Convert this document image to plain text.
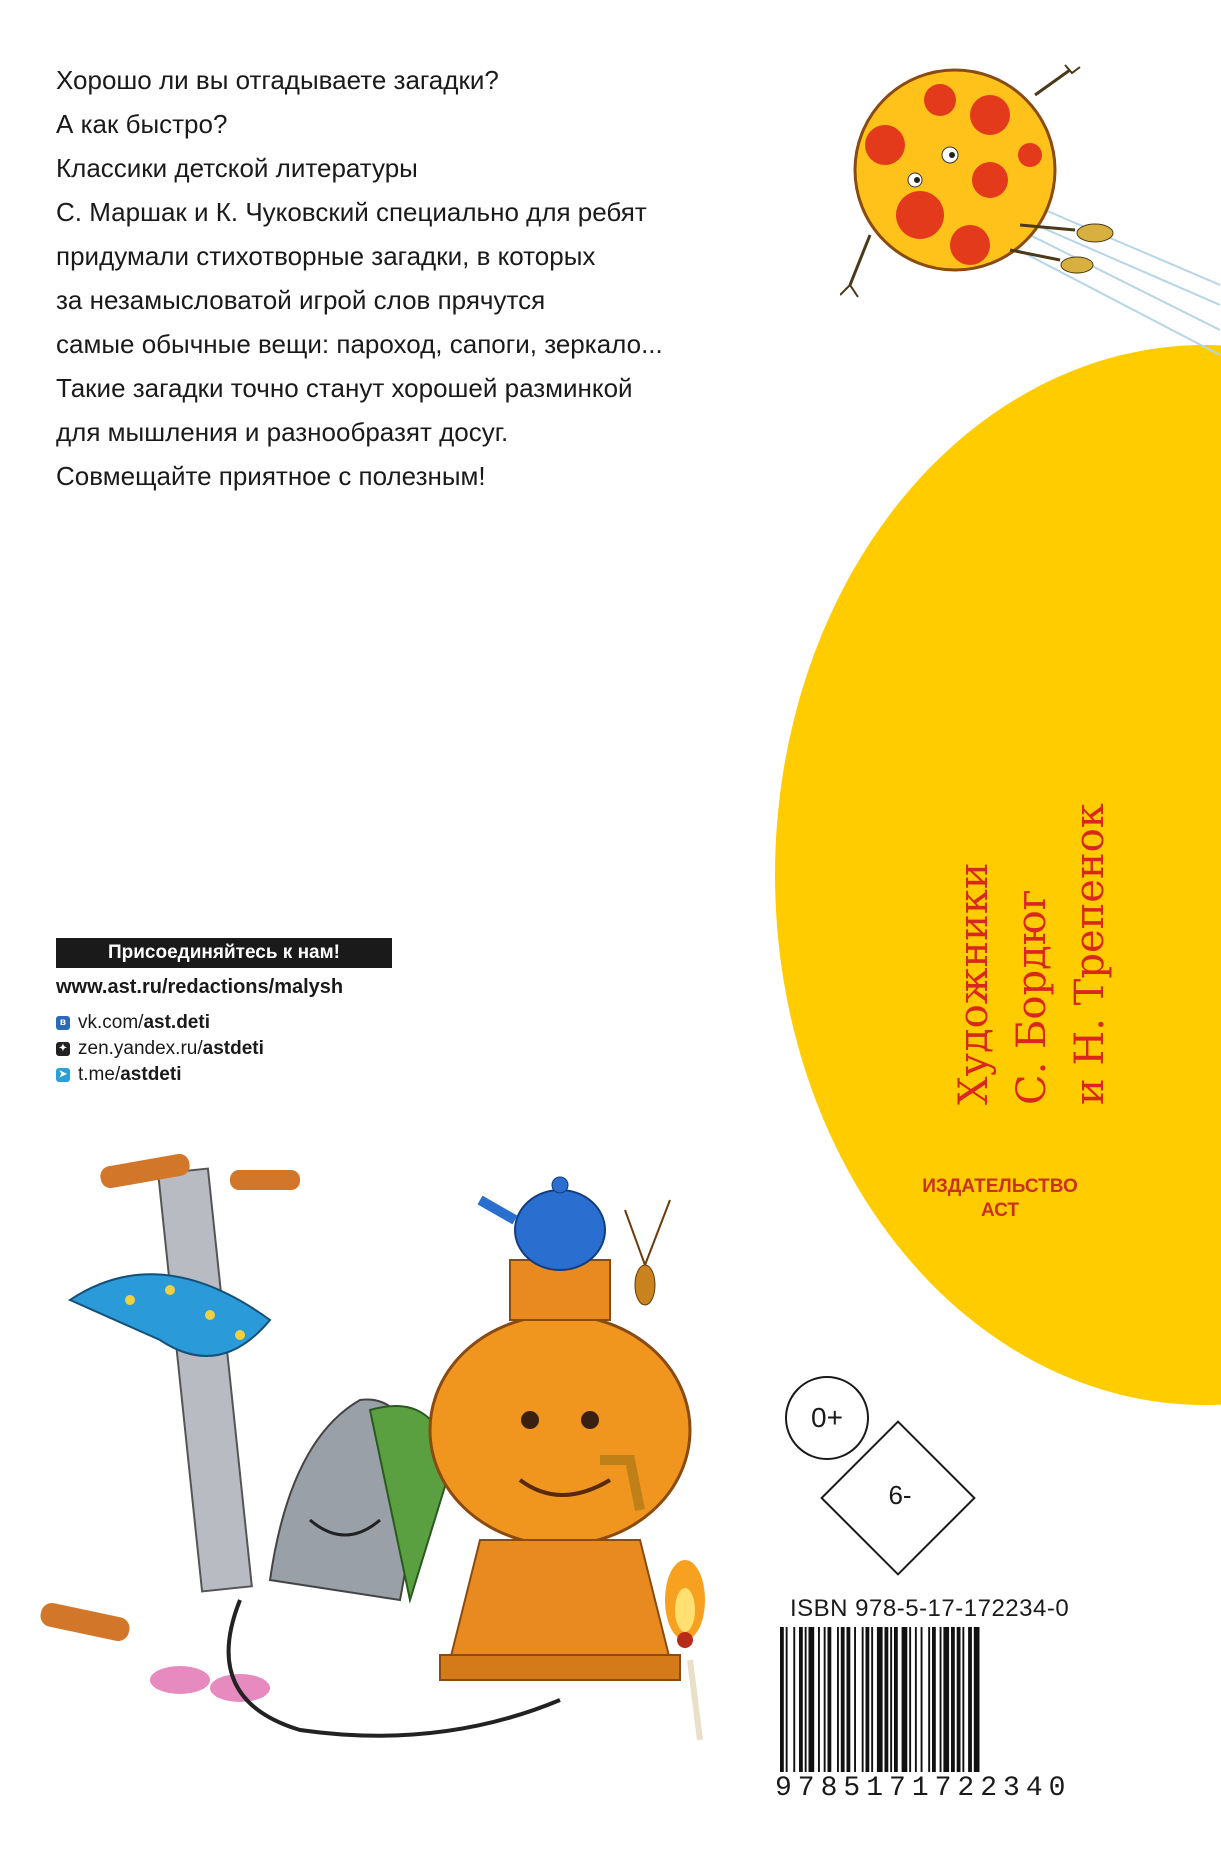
Хорошо ли вы отгадываете загадки?

А как быстро?

Классики детской литературы

С. Маршак и К. Чуковский специально для ребят

придумали стихотворные загадки, в которых

за незамысловатой игрой слов прячутся

самые обычные вещи: пароход, сапоги, зеркало...

Такие загадки точно станут хорошей разминкой

для мышления и разнообразят досуг.

Совмещайте приятное с полезным!

Художники С. Бордюг и Н. Трепенок
ИЗДАТЕЛЬСТВО
АСТ
Присоединяйтесь к нам!
www.ast.ru/redactions/malysh
в vk.com/ ast.deti
✦ zen.yandex.ru/ astdeti
➤ t.me/ astdeti
0+
6-
ISBN 978-5-17-172234-0
9785171722340
